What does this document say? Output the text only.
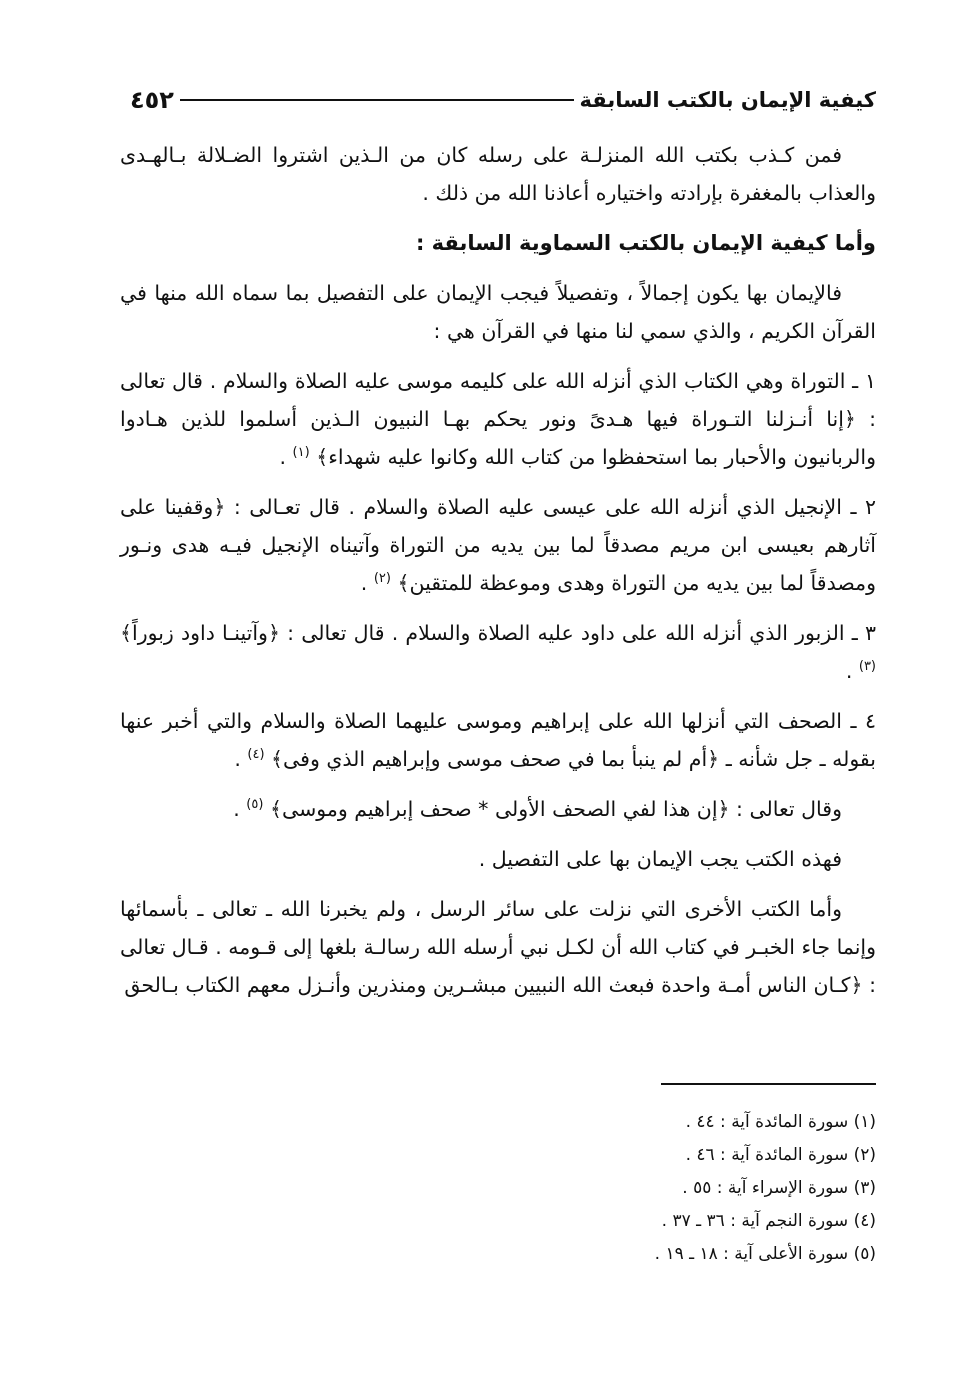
كيفية الإيمان بالكتب السابقة
٤٥٢

فمن كـذب بكتب الله المنزلـة على رسله كان من الـذين اشتروا الضـلالة بـالهـدى والعذاب بالمغفرة بإرادته واختياره أعاذنا الله من ذلك .

وأما كيفية الإيمان بالكتب السماوية السابقة :

فالإيمان بها يكون إجمالاً ، وتفصيلاً فيجب الإيمان على التفصيل بما سماه الله منها في القرآن الكريم ، والذي سمي لنا منها في القرآن هي :

١ ـ التوراة وهي الكتاب الذي أنزله الله على كليمه موسى عليه الصلاة والسلام . قال تعالى : ﴿إنا أنـزلنا التـوراة فيها هـدىً ونور يحكم بهـا النبيون الـذين أسلموا للذين هـادوا والربانيون والأحبار بما استحفظوا من كتاب الله وكانوا عليه شهداء﴾ $^{(١)}$ .

٢ ـ الإنجيل الذي أنزله الله على عيسى عليه الصلاة والسلام . قال تعـالى : ﴿وقفينا على آثارهم بعيسى ابن مريم مصدقاً لما بين يديه من التوراة وآتيناه الإنجيل فيـه هدى ونـور ومصدقاً لما بين يديه من التوراة وهدى وموعظة للمتقين﴾ $^{(٢)}$ .

٣ ـ الزبور الذي أنزله الله على داود عليه الصلاة والسلام . قال تعالى : ﴿وآتينـا داود زبوراً﴾ $^{(٣)}$ .

٤ ـ الصحف التي أنزلها الله على إبراهيم وموسى عليهما الصلاة والسلام والتي أخبر عنها بقوله ـ جل شأنه ـ ﴿أم لم ينبأ بما في صحف موسى وإبراهيم الذي وفى﴾ $^{(٤)}$ .

وقال تعالى : ﴿إن هذا لفي الصحف الأولى * صحف إبراهيم وموسى﴾ $^{(٥)}$ .

فهذه الكتب يجب الإيمان بها على التفصيل .

وأما الكتب الأخرى التي نزلت على سائر الرسل ، ولم يخبرنا الله ـ تعالى ـ بأسمائها وإنما جاء الخبـر في كتاب الله أن لكـل نبي أرسله الله رسالـة بلغها إلى قـومه . قـال تعالى : ﴿كـان الناس أمـة واحدة فبعث الله النبيين مبشـرين ومنذرين وأنـزل معهم الكتاب بـالحق

(١) سورة المائدة آية : ٤٤ .

(٢) سورة المائدة آية : ٤٦ .

(٣) سورة الإسراء آية : ٥٥ .

(٤) سورة النجم آية : ٣٦ ـ ٣٧ .

(٥) سورة الأعلى آية : ١٨ ـ ١٩ .
